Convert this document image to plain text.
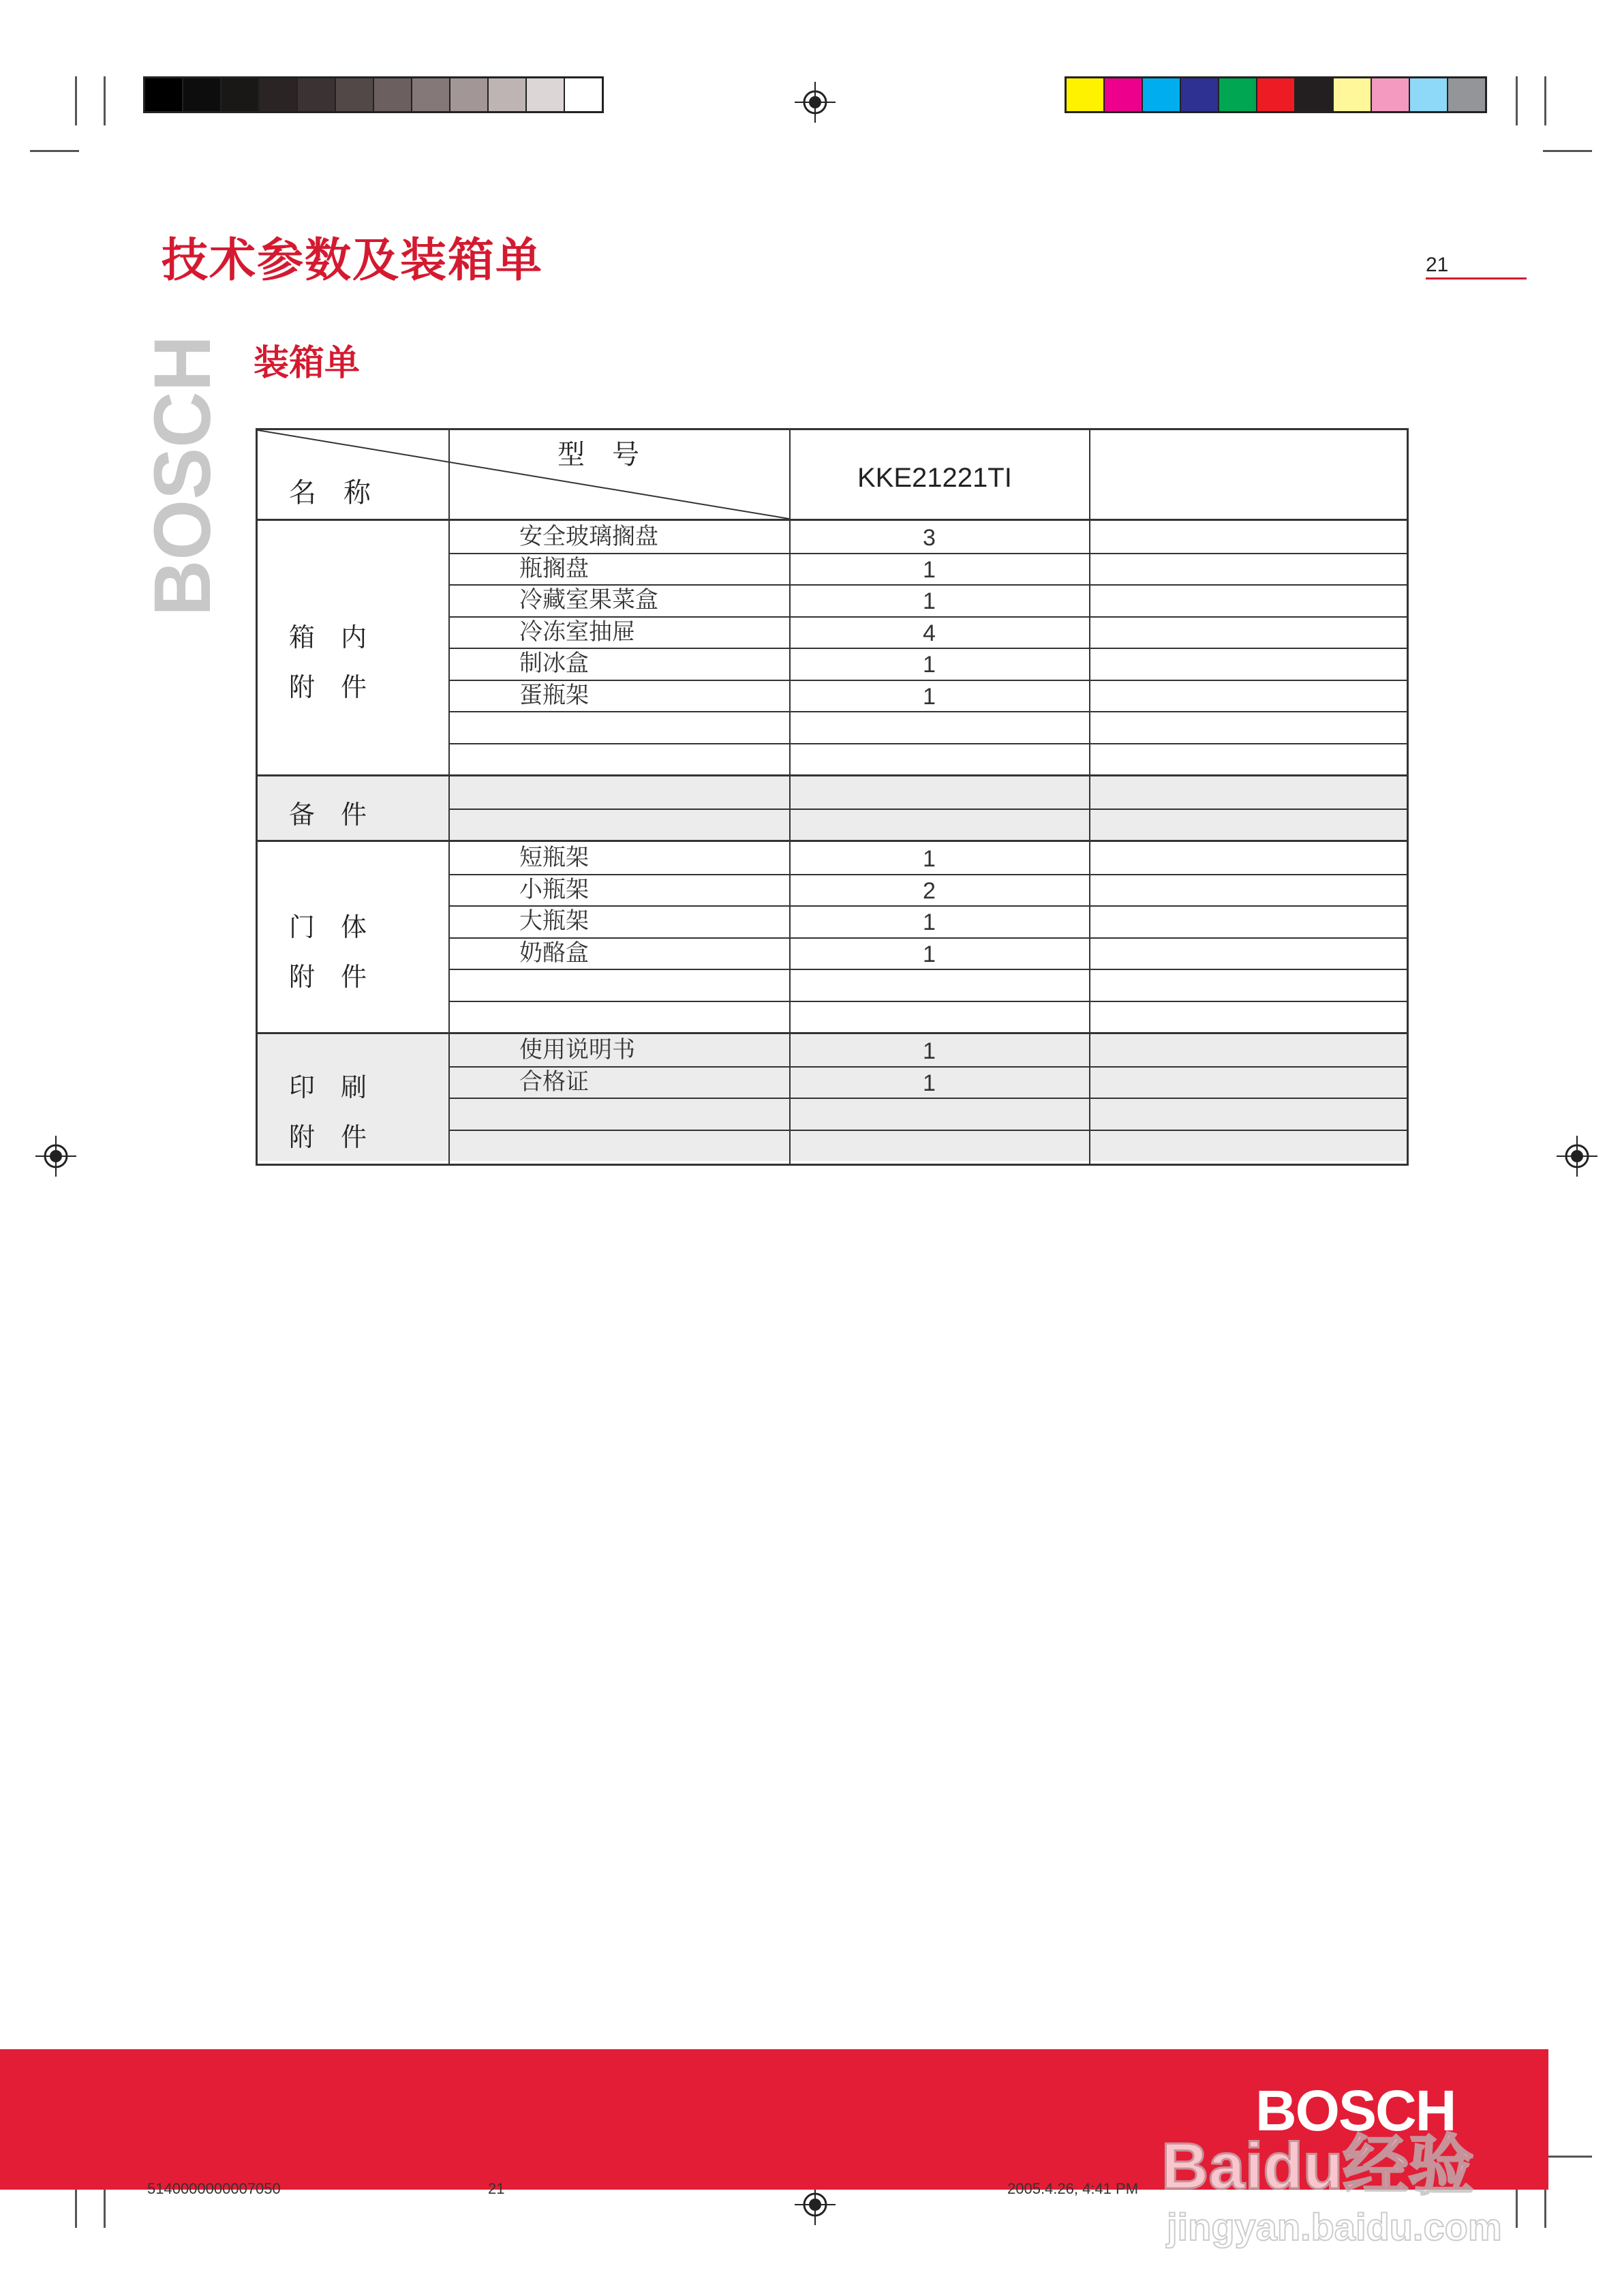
技术参数及装箱单	21
BOSCH 装箱单
型　号
名　称	KKE21221TI
箱　内
附　件
安全玻璃搁盘	3
瓶搁盘	1
冷藏室果菜盒	1
冷冻室抽屉	4
制冰盒	1
蛋瓶架	1
备　件
门　体
附　件
短瓶架	1
小瓶架	2
大瓶架	1
奶酪盒	1
印　刷
附　件
使用说明书	1
合格证	1
BOSCH
5140000000007050	21	2005.4.26, 4:41 PM Baidu经验
jingyan.baidu.com
